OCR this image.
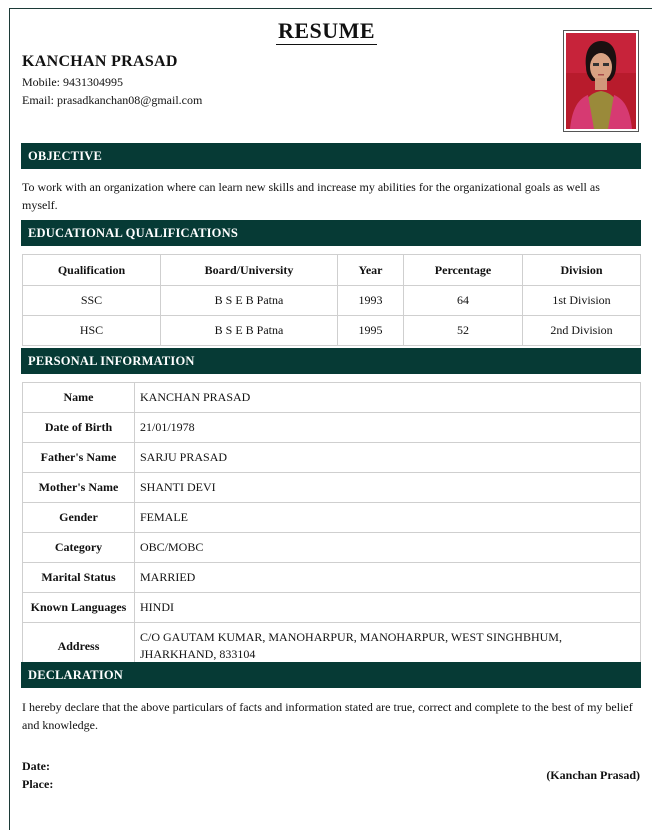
RESUME
KANCHAN PRASAD
Mobile: 9431304995
Email: prasadkanchan08@gmail.com
OBJECTIVE
To work with an organization where can learn new skills and increase my abilities for the organizational goals as well as myself.
EDUCATIONAL QUALIFICATIONS
Qualification	Board/University	Year	Percentage	Division
SSC	B S E B Patna	1993	64	1st Division
HSC	B S E B Patna	1995	52	2nd Division
PERSONAL INFORMATION
Name	KANCHAN PRASAD
Date of Birth	21/01/1978
Father's Name	SARJU PRASAD
Mother's Name	SHANTI DEVI
Gender	FEMALE
Category	OBC/MOBC
Marital Status	MARRIED
Known Languages	HINDI
Address	C/O GAUTAM KUMAR, MANOHARPUR, MANOHARPUR, WEST SINGHBHUM, JHARKHAND, 833104
DECLARATION
I hereby declare that the above particulars of facts and information stated are true, correct and complete to the best of my belief and knowledge.
Date:
Place:
(Kanchan Prasad)
